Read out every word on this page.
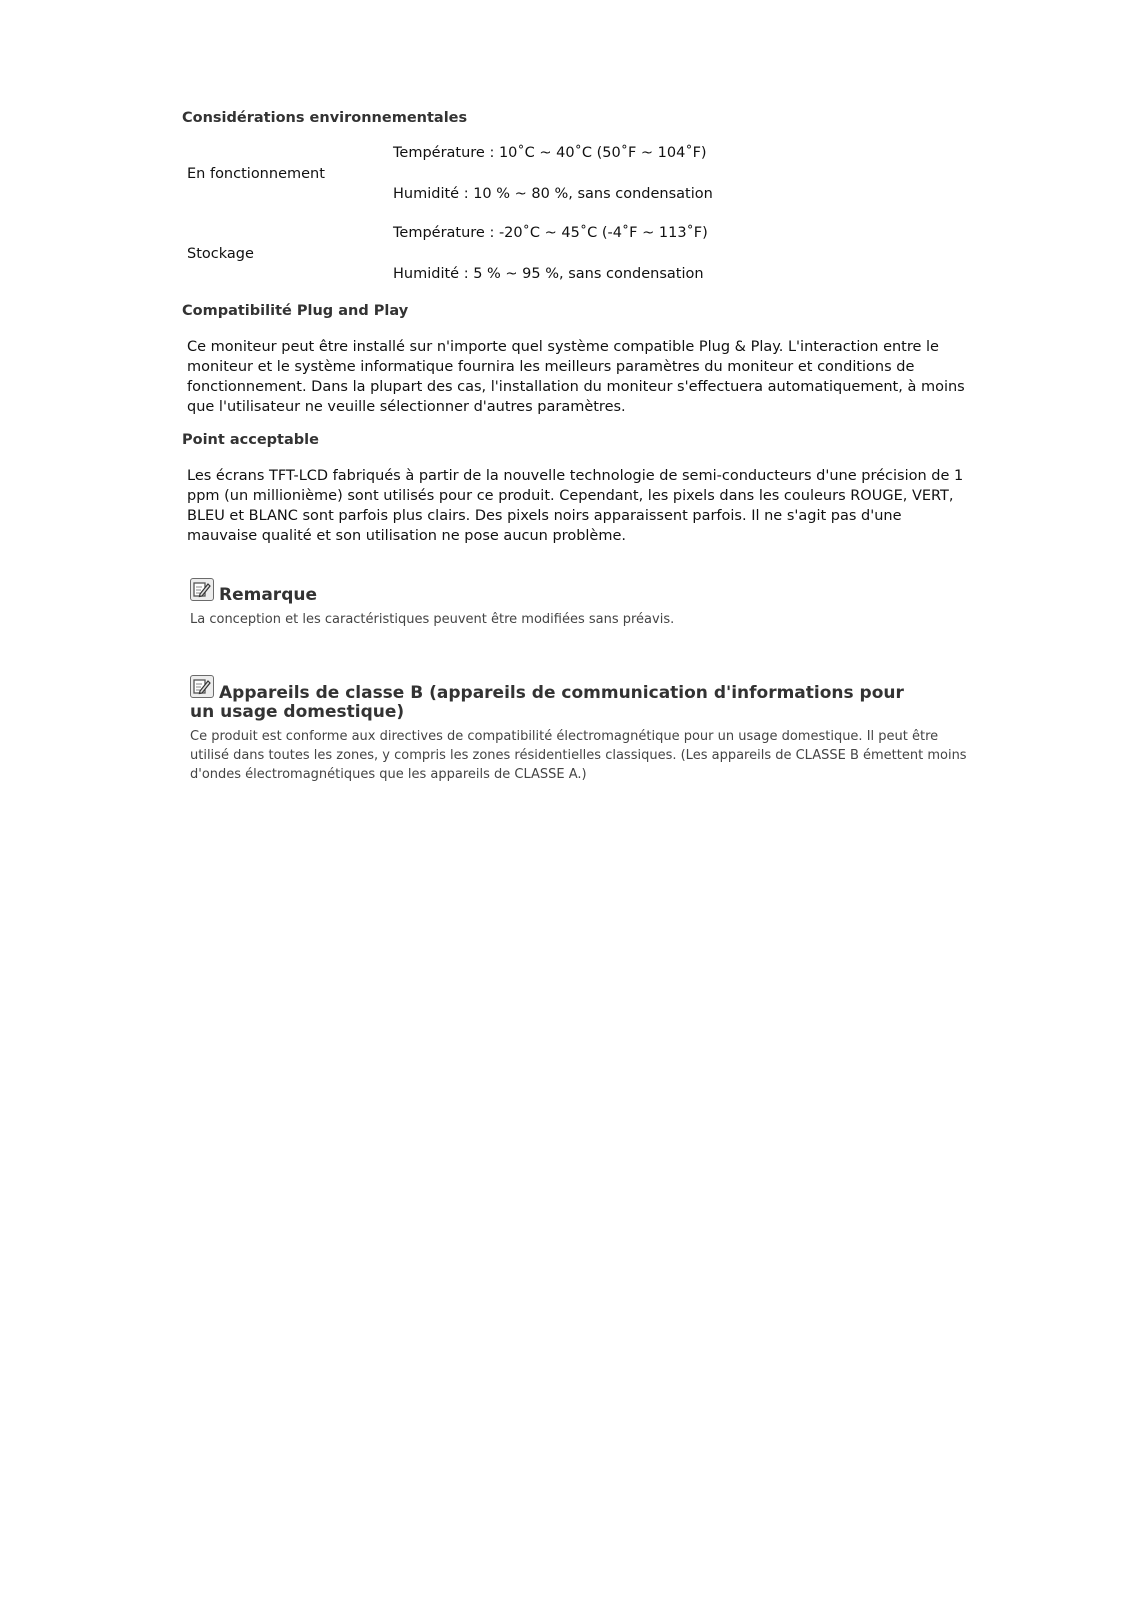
Considérations environnementales
Température : 10˚C ~ 40˚C (50˚F ~ 104˚F)
En fonctionnement
Humidité : 10 % ~ 80 %, sans condensation
Température : -20˚C ~ 45˚C (-4˚F ~ 113˚F)
Stockage
Humidité : 5 % ~ 95 %, sans condensation
Compatibilité Plug and Play
Ce moniteur peut être installé sur n'importe quel système compatible Plug & Play. L'interaction entre le moniteur et le système informatique fournira les meilleurs paramètres du moniteur et conditions de fonctionnement. Dans la plupart des cas, l'installation du moniteur s'effectuera automatiquement, à moins que l'utilisateur ne veuille sélectionner d'autres paramètres.
Point acceptable
Les écrans TFT-LCD fabriqués à partir de la nouvelle technologie de semi-conducteurs d'une précision de 1 ppm (un millionième) sont utilisés pour ce produit. Cependant, les pixels dans les couleurs ROUGE, VERT, BLEU et BLANC sont parfois plus clairs. Des pixels noirs apparaissent parfois. Il ne s'agit pas d'une mauvaise qualité et son utilisation ne pose aucun problème.
Remarque
La conception et les caractéristiques peuvent être modifiées sans préavis.
Appareils de classe B (appareils de communication d'informations pour un usage domestique)
Ce produit est conforme aux directives de compatibilité électromagnétique pour un usage domestique. Il peut être utilisé dans toutes les zones, y compris les zones résidentielles classiques. (Les appareils de CLASSE B émettent moins d'ondes électromagnétiques que les appareils de CLASSE A.)
